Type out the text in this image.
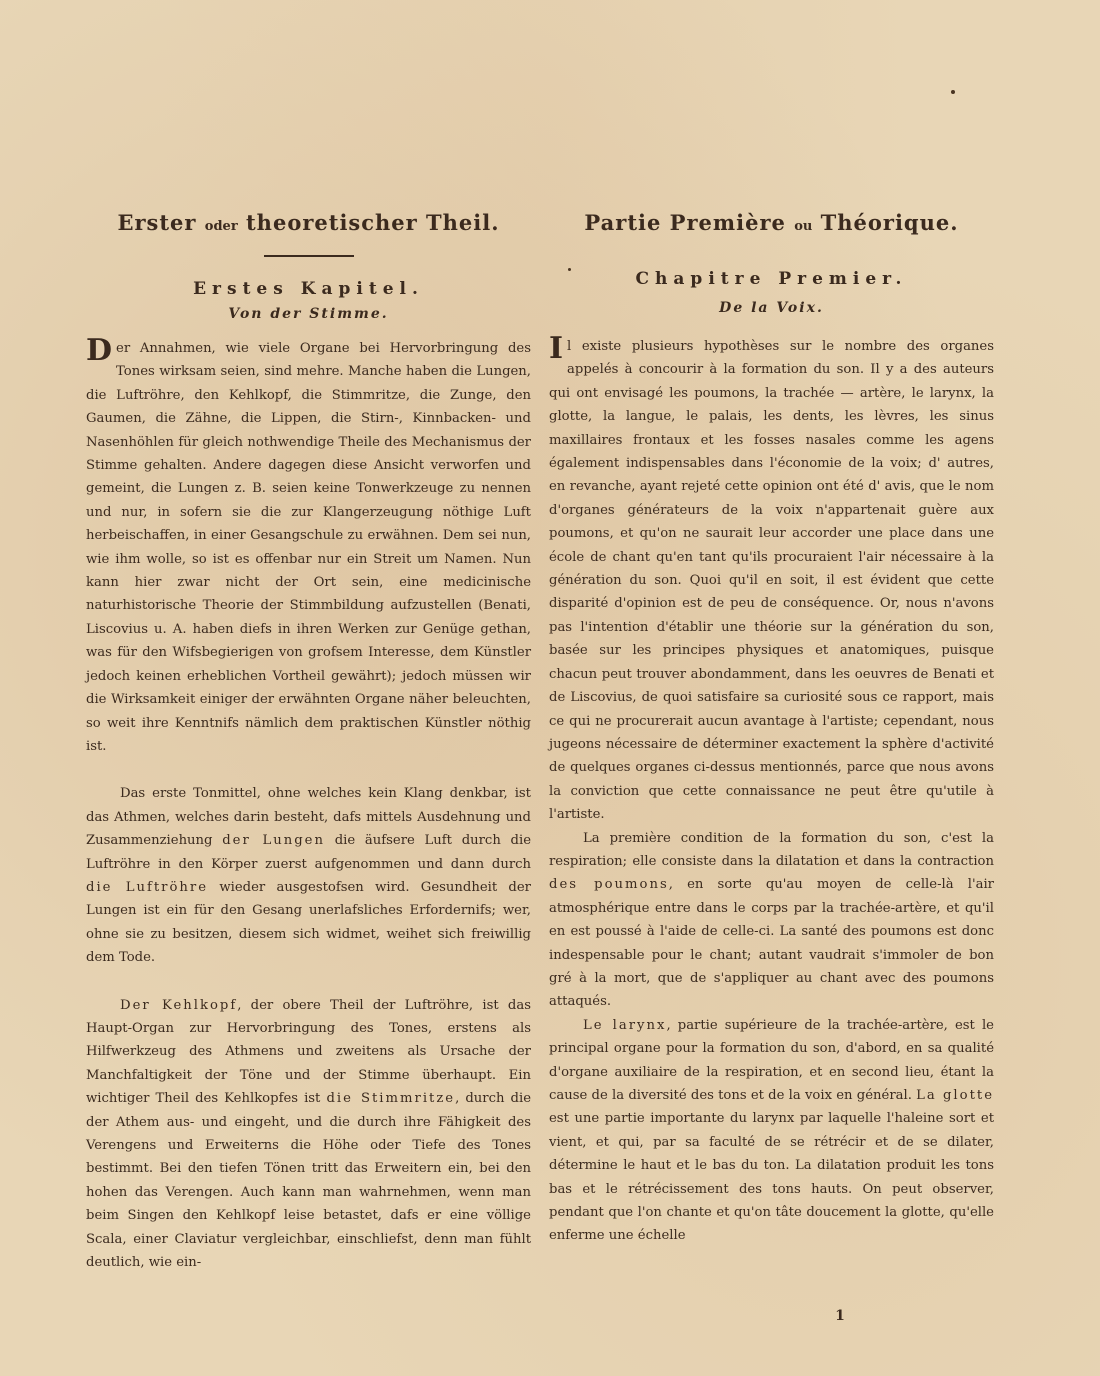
Erster oder theoretischer Theil.
Erstes Kapitel.
Von der Stimme.

Der Annahmen, wie viele Organe bei Hervorbringung des Tones wirksam seien, sind mehre. Manche haben die Lungen, die Luftröhre, den Kehlkopf, die Stimmritze, die Zunge, den Gaumen, die Zähne, die Lippen, die Stirn-, Kinnbacken- und Nasenhöhlen für gleich nothwendige Theile des Mechanismus der Stimme gehalten. Andere dagegen diese Ansicht verworfen und gemeint, die Lungen z. B. seien keine Tonwerkzeuge zu nennen und nur, in sofern sie die zur Klangerzeugung nöthige Luft herbeischaffen, in einer Gesangschule zu erwähnen. Dem sei nun, wie ihm wolle, so ist es offenbar nur ein Streit um Namen. Nun kann hier zwar nicht der Ort sein, eine medicinische naturhistorische Theorie der Stimmbildung aufzustellen (Benati, Liscovius u. A. haben diefs in ihren Werken zur Genüge gethan, was für den Wifsbegierigen von grofsem Interesse, dem Künstler jedoch keinen erheblichen Vortheil gewährt); jedoch müssen wir die Wirksamkeit einiger der erwähnten Organe näher beleuchten, so weit ihre Kenntnifs nämlich dem praktischen Künstler nöthig ist.

Das erste Tonmittel, ohne welches kein Klang denkbar, ist das Athmen, welches darin besteht, dafs mittels Ausdehnung und Zusammenziehung der Lungen die äufsere Luft durch die Luftröhre in den Körper zuerst aufgenommen und dann durch die Luftröhre wieder ausgestofsen wird. Gesundheit der Lungen ist ein für den Gesang unerlafsliches Erfordernifs; wer, ohne sie zu besitzen, diesem sich widmet, weihet sich freiwillig dem Tode.

Der Kehlkopf, der obere Theil der Luftröhre, ist das Haupt-Organ zur Hervorbringung des Tones, erstens als Hilfwerkzeug des Athmens und zweitens als Ursache der Manchfaltigkeit der Töne und der Stimme überhaupt. Ein wichtiger Theil des Kehlkopfes ist die Stimmritze, durch die der Athem aus- und eingeht, und die durch ihre Fähigkeit des Verengens und Erweiterns die Höhe oder Tiefe des Tones bestimmt. Bei den tiefen Tönen tritt das Erweitern ein, bei den hohen das Verengen. Auch kann man wahrnehmen, wenn man beim Singen den Kehlkopf leise betastet, dafs er eine völlige Scala, einer Claviatur vergleichbar, einschliefst, denn man fühlt deutlich, wie ein-

Partie Première ou Théorique.
Chapitre Premier.
De la Voix.

Il existe plusieurs hypothèses sur le nombre des organes appelés à concourir à la formation du son. Il y a des auteurs qui ont envisagé les poumons, la trachée — artère, le larynx, la glotte, la langue, le palais, les dents, les lèvres, les sinus maxillaires frontaux et les fosses nasales comme les agens également indispensables dans l'économie de la voix; d' autres, en revanche, ayant rejeté cette opinion ont été d' avis, que le nom d'organes générateurs de la voix n'appartenait guère aux poumons, et qu'on ne saurait leur accorder une place dans une école de chant qu'en tant qu'ils procuraient l'air nécessaire à la génération du son. Quoi qu'il en soit, il est évident que cette disparité d'opinion est de peu de conséquence. Or, nous n'avons pas l'intention d'établir une théorie sur la génération du son, basée sur les principes physiques et anatomiques, puisque chacun peut trouver abondamment, dans les oeuvres de Benati et de Liscovius, de quoi satisfaire sa curiosité sous ce rapport, mais ce qui ne procurerait aucun avantage à l'artiste; cependant, nous jugeons nécessaire de déterminer exactement la sphère d'activité de quelques organes ci-dessus mentionnés, parce que nous avons la conviction que cette connaissance ne peut être qu'utile à l'artiste.

La première condition de la formation du son, c'est la respiration; elle consiste dans la dilatation et dans la contraction des poumons, en sorte qu'au moyen de celle-là l'air atmosphérique entre dans le corps par la trachée-artère, et qu'il en est poussé à l'aide de celle-ci. La santé des poumons est donc indespensable pour le chant; autant vaudrait s'immoler de bon gré à la mort, que de s'appliquer au chant avec des poumons attaqués.

Le larynx, partie supérieure de la trachée-artère, est le principal organe pour la formation du son, d'abord, en sa qualité d'organe auxiliaire de la respiration, et en second lieu, étant la cause de la diversité des tons et de la voix en général. La glotte est une partie importante du larynx par laquelle l'haleine sort et vient, et qui, par sa faculté de se rétrécir et de se dilater, détermine le haut et le bas du ton. La dilatation produit les tons bas et le rétrécissement des tons hauts. On peut observer, pendant que l'on chante et qu'on tâte doucement la glotte, qu'elle enferme une échelle

1
